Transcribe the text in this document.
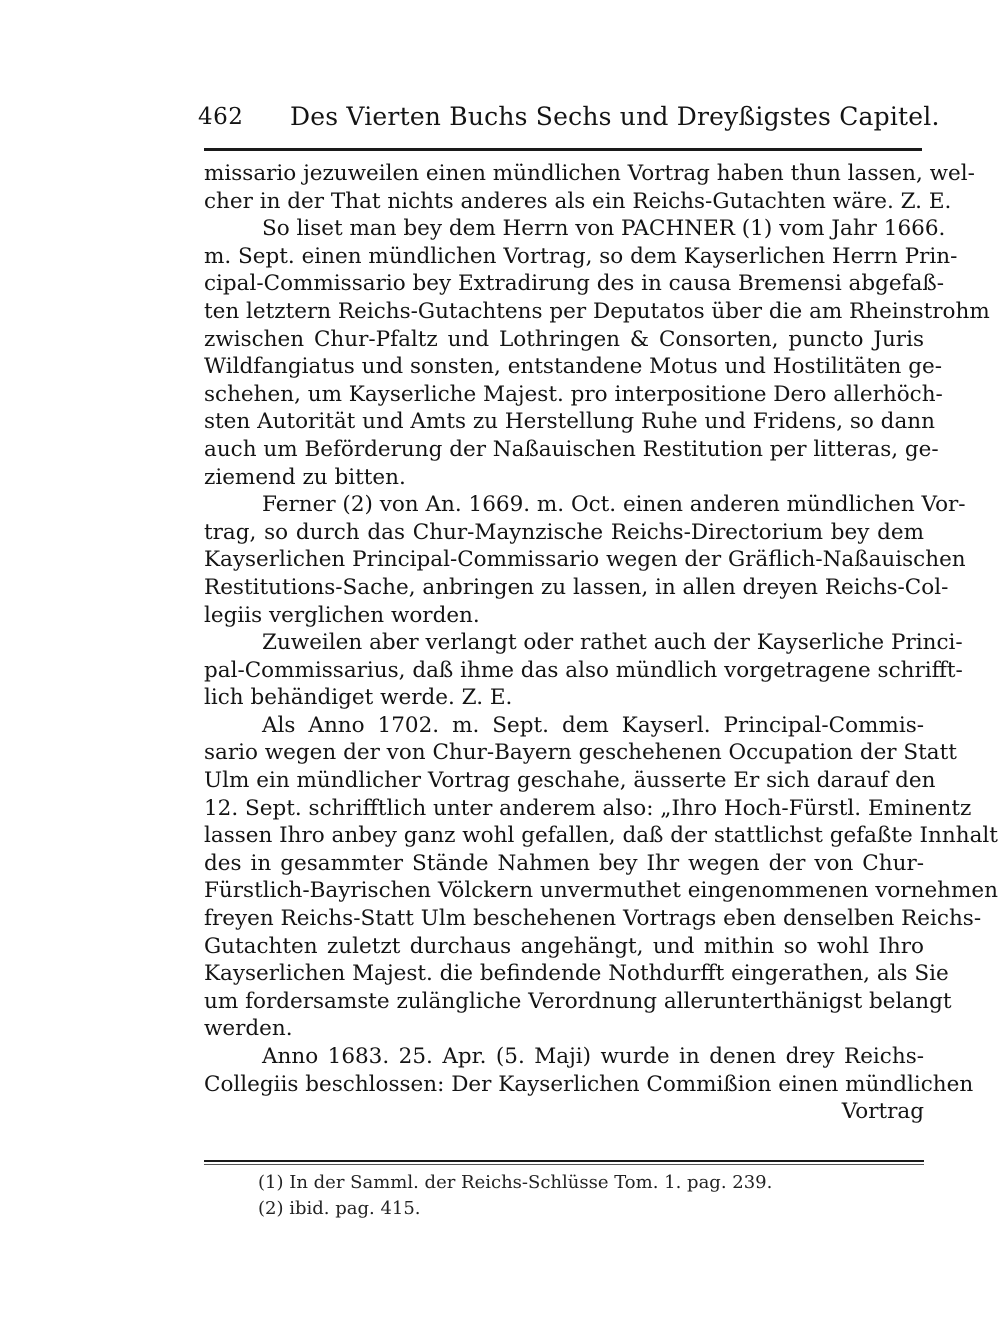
462 Des Vierten Buchs Sechs und Dreyßigstes Capitel.
missario jezuweilen einen mündlichen Vortrag haben thun lassen, wel-
cher in der That nichts anderes als ein Reichs-Gutachten wäre. Z. E.
So liset man bey dem Herrn von PACHNER (1) vom Jahr 1666.
m. Sept. einen mündlichen Vortrag, so dem Kayserlichen Herrn Prin-
cipal-Commissario bey Extradirung des in causa Bremensi abgefaß-
ten letztern Reichs-Gutachtens per Deputatos über die am Rheinstrohm
zwischen Chur-Pfaltz und Lothringen & Consorten, puncto Juris
Wildfangiatus und sonsten, entstandene Motus und Hostilitäten ge-
schehen, um Kayserliche Majest. pro interpositione Dero allerhöch-
sten Autorität und Amts zu Herstellung Ruhe und Fridens, so dann
auch um Beförderung der Naßauischen Restitution per litteras, ge-
ziemend zu bitten.
Ferner (2) von An. 1669. m. Oct. einen anderen mündlichen Vor-
trag, so durch das Chur-Maynzische Reichs-Directorium bey dem
Kayserlichen Principal-Commissario wegen der Gräflich-Naßauischen
Restitutions-Sache, anbringen zu lassen, in allen dreyen Reichs-Col-
legiis verglichen worden.
Zuweilen aber verlangt oder rathet auch der Kayserliche Princi-
pal-Commissarius, daß ihme das also mündlich vorgetragene schrifft-
lich behändiget werde. Z. E.
Als Anno 1702. m. Sept. dem Kayserl. Principal-Commis-
sario wegen der von Chur-Bayern geschehenen Occupation der Statt
Ulm ein mündlicher Vortrag geschahe, äusserte Er sich darauf den
12. Sept. schrifftlich unter anderem also: „Ihro Hoch-Fürstl. Eminentz
lassen Ihro anbey ganz wohl gefallen, daß der stattlichst gefaßte Innhalt
des in gesammter Stände Nahmen bey Ihr wegen der von Chur-
Fürstlich-Bayrischen Völckern unvermuthet eingenommenen vornehmen
freyen Reichs-Statt Ulm beschehenen Vortrags eben denselben Reichs-
Gutachten zuletzt durchaus angehängt, und mithin so wohl Ihro
Kayserlichen Majest. die befindende Nothdurfft eingerathen, als Sie
um fordersamste zulängliche Verordnung allerunterthänigst belangt
werden.
Anno 1683. 25. Apr. (5. Maji) wurde in denen drey Reichs-
Collegiis beschlossen: Der Kayserlichen Commißion einen mündlichen
Vortrag
(1) In der Samml. der Reichs-Schlüsse Tom. 1. pag. 239.
(2) ibid. pag. 415.
